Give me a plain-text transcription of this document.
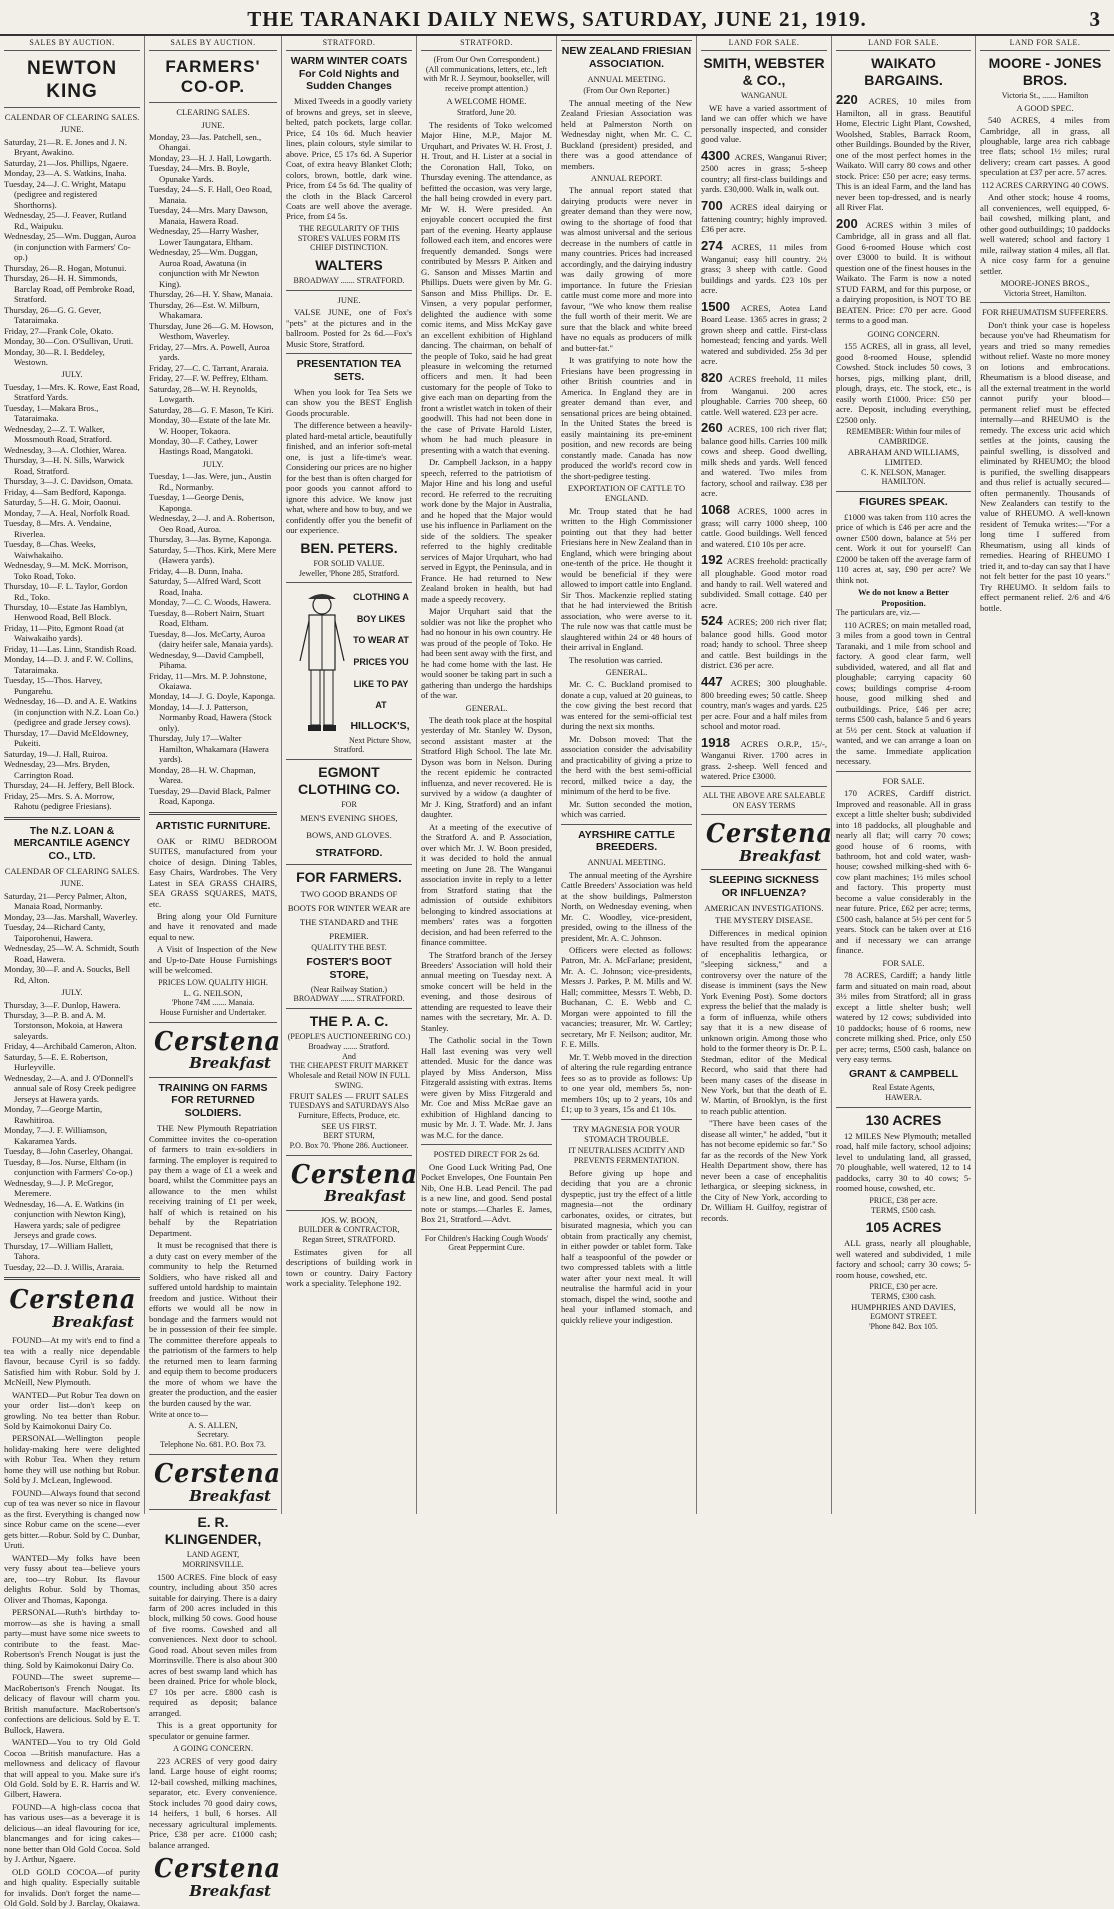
THE TARANAKI DAILY NEWS, SATURDAY, JUNE 21, 1919.	3
SALES BY AUCTION.
NEWTON KING
CALENDAR OF CLEARING SALES.
JUNE.
Saturday, 21—R. E. Jones and J. N. Bryant, Awakino.
Saturday, 21—Jos. Phillips, Ngaere.
Monday, 23—A. S. Watkins, Inaha.
Tuesday, 24—J. C. Wright, Matapu (pedigree and registered Shorthorns).
Wednesday, 25—J. Feaver, Rutland Rd., Waipuku.
Wednesday, 25—Wm. Duggan, Auroa (in conjunction with Farmers' Co-op.)
Thursday, 26—R. Hogan, Motunui.
Thursday, 26—H. H. Simmonds, Barclay Road, off Pembroke Road, Stratford.
Thursday, 26—G. G. Gever, Tataraimaka.
Friday, 27—Frank Cole, Okato.
Monday, 30—Con. O'Sullivan, Uruti.
Monday, 30—R. I. Beddeley, Westown.
JULY.
Tuesday, 1—Mrs. K. Rowe, East Road, Stratford Yards.
Tuesday, 1—Makara Bros., Tataraimaka.
Wednesday, 2—Z. T. Walker, Mossmouth Road, Stratford.
Wednesday, 3—A. Clothier, Warea.
Thursday, 3—H. N. Sills, Warwick Road, Stratford.
Thursday, 3—J. C. Davidson, Omata.
Friday, 4—Sam Bedford, Kaponga.
Saturday, 5—H. G. Moir, Oaonui.
Monday, 7—A. Heal, Norfolk Road.
Tuesday, 8—Mrs. A. Vendaine, Riverlea.
Tuesday, 8—Chas. Weeks, Waiwhakaiho.
Wednesday, 9—M. McK. Morrison, Toko Road, Toko.
Thursday, 10—F. L. Taylor, Gordon Rd., Toko.
Thursday, 10—Estate Jas Hamblyn, Henwood Road, Bell Block.
Friday, 11—Pito, Egmont Road (at Waiwakaiho yards).
Friday, 11—Las. Linn, Standish Road.
Monday, 14—D. J. and F. W. Collins, Tataraimaka.
Tuesday, 15—Thos. Harvey, Pungarehu.
Wednesday, 16—D. and A. E. Watkins (in conjunction with N.Z. Loan Co.) (pedigree and grade Jersey cows).
Thursday, 17—David McEldowney, Pukeiti.
Saturday, 19—J. Hall, Ruiroa.
Wednesday, 23—Mrs. Bryden, Carrington Road.
Thursday, 24—H. Jeffery, Bell Block.
Friday, 25—Mrs. S. A. Morrow, Rahotu (pedigree Friesians).
The N.Z. LOAN & MERCANTILE AGENCY CO., LTD.
CALENDAR OF CLEARING SALES.
JUNE.
Saturday, 21—Percy Palmer, Alton, Manaia Road, Normanby.
Monday, 23—Jas. Marshall, Waverley.
Tuesday, 24—Richard Canty, Taiporohenui, Hawera.
Wednesday, 25—W. A. Schmidt, South Road, Hawera.
Monday, 30—F. and A. Soucks, Bell Rd, Alton.
JULY.
Thursday, 3—F. Dunlop, Hawera.
Thursday, 3—P. B. and A. M. Torstonson, Mokoia, at Hawera saleyards.
Friday, 4—Archibald Cameron, Alton.
Saturday, 5—E. E. Robertson, Hurleyville.
Wednesday, 2—A. and J. O'Donnell's annual sale of Rosy Creek pedigree Jerseys at Hawera yards.
Monday, 7—George Martin, Rawhitiroa.
Monday, 7—J. F. Williamson, Kakaramea Yards.
Tuesday, 8—John Caserley, Ohangai.
Tuesday, 8—Jos. Nurse, Eltham (in conjunction with Farmers' Co-op.)
Wednesday, 9—J. P. McGregor, Meremere.
Wednesday, 16—A. E. Watkins (in conjunction with Newton King), Hawera yards; sale of pedigree Jerseys and grade cows.
Thursday, 17—William Hallett, Tahora.
Tuesday, 22—D. J. Willis, Araraia.
Cerstena
Breakfast

FOUND—At my wit's end to find a tea with a really nice dependable flavour, because Cyril is so faddy. Satisfied him with Robur. Sold by J. McNeill, New Plymouth.

WANTED—Put Robur Tea down on your order list—don't keep on growling. No tea better than Robur. Sold by Kaimokonui Dairy Co.

PERSONAL—Wellington people holiday-making here were delighted with Robur Tea. When they return home they will use nothing but Robur. Sold by J. McLean, Inglewood.

FOUND—Always found that second cup of tea was never so nice in flavour as the first. Everything is changed now since Robur came on the scene—ever gets bitter.—Robur. Sold by C. Dunbar, Uruti.

WANTED—My folks have been very fussy about tea—believe yours are, too—try Robur. Its flavour delights Robur. Sold by Thomas, Oliver and Thomas, Kaponga.

PERSONAL—Ruth's birthday to-morrow—as she is having a small party—must have some nice sweets to contribute to the feast. Mac-Robertson's French Nougat is just the thing. Sold by Kaimokonui Dairy Co.

FOUND—The sweet supreme—MacRobertson's French Nougat. Its delicacy of flavour will charm you. British manufacture. MacRobertson's confections are delicious. Sold by E. T. Bullock, Hawera.

WANTED—You to try Old Gold Cocoa —British manufacture. Has a mellowness and delicacy of flavour that will appeal to you. Make sure it's Old Gold. Sold by E. R. Harris and W. Gilbert, Hawera.

FOUND—A high-class cocoa that has various uses—as a beverage it is delicious—an ideal flavouring for ice, blancmanges and for icing cakes—none better than Old Gold Cocoa. Sold by J. Arthur, Ngaere.

OLD GOLD COCOA—of purity and high quality. Especially suitable for invalids. Don't forget the name—Old Gold. Sold by J. Barclay, Okaiawa.

SALES BY AUCTION.
FARMERS' CO-OP.
CLEARING SALES.
JUNE.
Monday, 23—Jas. Patchell, sen., Ohangai.
Monday, 23—H. J. Hall, Lowgarth.
Tuesday, 24—Mrs. B. Boyle, Opunake Yards.
Tuesday, 24—S. F. Hall, Oeo Road, Manaia.
Tuesday, 24—Mrs. Mary Dawson, Manaia, Hawera Road.
Wednesday, 25—Harry Washer, Lower Taungatara, Eltham.
Wednesday, 25—Wm. Duggan, Auroa Road, Awatuna (in conjunction with Mr Newton King).
Thursday, 26—H. Y. Shaw, Manaia.
Thursday, 26—Est. W. Milburn, Whakamara.
Thursday, June 26—G. M. Howson, Westhom, Waverley.
Friday, 27—Mrs. A. Powell, Auroa yards.
Friday, 27—C. C. Tarrant, Araraia.
Friday, 27—F. W. Peffrey, Eltham.
Saturday, 28—W. H. Reynolds, Lowgarth.
Saturday, 28—G. F. Mason, Te Kiri.
Monday, 30—Estate of the late Mr. W. Hooper, Tokaora.
Monday, 30—F. Cathey, Lower Hastings Road, Mangatoki.
JULY.
Tuesday, 1—Jas. Were, jun., Austin Rd., Normanby.
Tuesday, 1—George Denis, Kaponga.
Wednesday, 2—J. and A. Robertson, Oeo Road, Auroa.
Thursday, 3—Jas. Byrne, Kaponga.
Saturday, 5—Thos. Kirk, Mere Mere (Hawera yards).
Friday, 4—B. Dunn, Inaha.
Saturday, 5—Alfred Ward, Scott Road, Inaha.
Monday, 7—C. C. Woods, Hawera.
Tuesday, 8—Robert Nairn, Stuart Road, Eltham.
Tuesday, 8—Jos. McCarty, Auroa (dairy heifer sale, Manaia yards).
Wednesday, 9—David Campbell, Pihama.
Friday, 11—Mrs. M. P. Johnstone, Okaiawa.
Monday, 14—J. G. Doyle, Kaponga.
Monday, 14—J. J. Patterson, Normanby Road, Hawera (Stock only).
Thursday, July 17—Walter Hamilton, Whakamara (Hawera yards).
Monday, 28—H. W. Chapman, Warea.
Tuesday, 29—David Black, Palmer Road, Kaponga.
ARTISTIC FURNITURE.

OAK or RIMU BEDROOM SUITES, manufactured from your choice of design. Dining Tables, Easy Chairs, Wardrobes. The Very Latest in SEA GRASS CHAIRS, SEA GRASS SQUARES, MATS, etc.

Bring along your Old Furniture and have it renovated and made equal to new.

A Visit of Inspection of the New and Up-to-Date House Furnishings will be welcomed.

PRICES LOW. QUALITY HIGH.
L. G. NEILSON,
'Phone 74M ....... Manaia.
House Furnisher and Undertaker.
Cerstena
Breakfast
TRAINING ON FARMS FOR RETURNED SOLDIERS.

THE New Plymouth Repatriation Committee invites the co-operation of farmers to train ex-soldiers in farming. The employer is required to pay them a wage of £1 a week and board, whilst the Committee pays an allowance to the men whilst receiving training of £1 per week, half of which is retained on his behalf by the Repatriation Department.

It must be recognised that there is a duty cast on every member of the community to help the Returned Soldiers, who have risked all and suffered untold hardship to maintain freedom and justice. Without their efforts we would all be now in bondage and the farmers would not be in possession of their fee simple. The committee therefore appeals to the patriotism of the farmers to help the returned men to learn farming and equip them to become producers the more of whom we have the greater the production, and the easier the burden caused by the war.

Write at once to—
A. S. ALLEN,
Secretary.
Telephone No. 681. P.O. Box 73.
Cerstena
Breakfast
E. R. KLINGENDER,
LAND AGENT,
MORRINSVILLE.

1500 ACRES. Fine block of easy country, including about 350 acres suitable for dairying. There is a dairy farm of 200 acres included in this block, milking 50 cows. Good house of five rooms. Cowshed and all conveniences. Next door to school. Good road. About seven miles from Morrinsville. There is also about 300 acres of best swamp land which has been drained. Price for whole block, £7 10s per acre. £800 cash is required as deposit; balance arranged.

This is a great opportunity for speculator or genuine farmer.

A GOING CONCERN.

223 ACRES of very good dairy land. Large house of eight rooms; 12-bail cowshed, milking machines, separator, etc. Every convenience. Stock includes 70 good dairy cows, 14 heifers, 1 bull, 6 horses. All necessary agricultural implements. Price, £38 per acre. £1000 cash; balance arranged.

Cerstena
Breakfast
STRATFORD.
WARM WINTER COATS For Cold Nights and Sudden Changes

Mixed Tweeds in a goodly variety of browns and greys, set in sleeve, belted, patch pockets, large collar. Price, £4 10s 6d. Much heavier lines, plain colours, style similar to above. Price, £5 17s 6d. A Superior Coat, of extra heavy Blanket Cloth; colors, brown, bottle, dark wine. Price, from £4 5s 6d. The quality of the cloth in the Black Carcerol Coats are well above the average. Price, from £4 5s.

THE REGULARITY OF THIS STORE'S VALUES FORM ITS CHIEF DISTINCTION.
WALTERS
BROADWAY ....... STRATFORD.
JUNE.

VALSE JUNE, one of Fox's "pets" at the pictures and in the ballroom. Posted for 2s 6d.—Fox's Music Store, Stratford.

PRESENTATION TEA SETS.

When you look for Tea Sets we can show you the BEST English Goods procurable.

The difference between a heavily-plated hard-metal article, beautifully finished, and an inferior soft-metal one, is just a life-time's wear. Considering our prices are no higher for the best than is often charged for poor goods you cannot afford to ignore this advice. We know just what, where and how to buy, and we confidently offer you the benefit of our experience.

BEN. PETERS.
FOR SOLID VALUE.
Jeweller, 'Phone 285, Stratford.
CLOTHING A
BOY LIKES
TO WEAR AT
PRICES YOU
LIKE TO PAY
AT
HILLOCK'S,
Next Picture Show, Stratford.
EGMONT CLOTHING CO.
FOR
MEN'S EVENING SHOES, BOWS, AND GLOVES.
STRATFORD.
FOR FARMERS.
TWO GOOD BRANDS OF BOOTS FOR WINTER WEAR are THE STANDARD and THE PREMIER.
QUALITY THE BEST.
FOSTER'S BOOT STORE,
(Near Railway Station.)
BROADWAY ....... STRATFORD.
THE P. A. C.
(PEOPLE'S AUCTIONEERING CO.)
Broadway ....... Stratford.
And
THE CHEAPEST FRUIT MARKET Wholesale and Retail NOW IN FULL SWING.
FRUIT SALES — FRUIT SALES
TUESDAYS and SATURDAYS Also Furniture, Effects, Produce, etc.
SEE US FIRST.
BERT STURM,
P.O. Box 70. 'Phone 286. Auctioneer.
Cerstena
Breakfast
JOS. W. BOON,
BUILDER & CONTRACTOR,
Regan Street, STRATFORD.

Estimates given for all descriptions of building work in town or country. Dairy Factory work a speciality. Telephone 192.

STRATFORD.
(From Our Own Correspondent.)
(All communications, letters, etc., left with Mr R. J. Seymour, bookseller, will receive prompt attention.)
A WELCOME HOME.
Stratford, June 20.

The residents of Toko welcomed Major Hine, M.P., Major M. Urquhart, and Privates W. H. Frost, J. H. Trout, and H. Lister at a social in the Coronation Hall, Toko, on Thursday evening. The attendance, as befitted the occasion, was very large, the hall being crowded in every part. Mr W. H. Were presided. An enjoyable concert occupied the first part of the evening. Hearty applause followed each item, and encores were frequently demanded. Songs were contributed by Messrs P. Aitken and G. Sanson and Misses Martin and Phillips. Duets were given by Mr. G. Sanson and Miss Phillips. Dr. E. Vinsen, a very popular performer, delighted the audience with some comic items, and Miss McKay gave an excellent exhibition of Highland dancing. The chairman, on behalf of the people of Toko, said he had great pleasure in welcoming the returned officers and men. It had been customary for the people of Toko to give each man on departing from the front a wristlet watch in token of their goodwill. This had not been done in the case of Private Harold Lister, whom he had much pleasure in presenting with a watch that evening.

Dr. Campbell Jackson, in a happy speech, referred to the patriotism of Major Hine and his long and useful record. He referred to the recruiting work done by the Major in Australia, and he hoped that the Major would use his influence in Parliament on the side of the soldiers. The speaker referred to the highly creditable services of Major Urquhart, who had served in Egypt, the Peninsula, and in France. He had returned to New Zealand broken in health, but had made a speedy recovery.

Major Urquhart said that the soldier was not like the prophet who had no honour in his own country. He was proud of the people of Toko. He had been sent away with the first, and he had come home with the last. He would sooner be taking part in such a gathering than undergo the hardships of the war.

GENERAL.

The death took place at the hospital yesterday of Mr. Stanley W. Dyson, second assistant master at the Stratford High School. The late Mr. Dyson was born in Nelson. During the recent epidemic he contracted influenza, and never recovered. He is survived by a widow (a daughter of Mr J. King, Stratford) and an infant daughter.

At a meeting of the executive of the Stratford A. and P. Association, over which Mr. J. W. Boon presided, it was decided to hold the annual meeting on June 28. The Wanganui association invite in reply to a letter from Stratford stating that the admission of outside exhibitors belonging to kindred associations at members' rates was a forgotten decision, and had been referred to the finance committee.

The Stratford branch of the Jersey Breeders' Association will hold their annual meeting on Tuesday next. A smoke concert will be held in the evening, and those desirous of attending are requested to leave their names with the secretary, Mr. A. D. Stanley.

The Catholic social in the Town Hall last evening was very well attended. Music for the dance was played by Miss Anderson, Miss Fitzgerald assisting with extras. Items were given by Miss Fitzgerald and Mr. Coe and Miss McRae gave an exhibition of Highland dancing to music by Mr. J. T. Wade. Mr. J. Jans was M.C. for the dance.

POSTED DIRECT FOR 2s 6d.

One Good Luck Writing Pad, One Pocket Envelopes, One Fountain Pen Nib, One H.B. Lead Pencil. The pad is a new line, and good. Send postal note or stamps.—Charles E. James, Box 21, Stratford.—Advt.

For Children's Hacking Cough Woods' Great Peppermint Cure.
NEW ZEALAND FRIESIAN ASSOCIATION.
ANNUAL MEETING.
(From Our Own Reporter.)

The annual meeting of the New Zealand Friesian Association was held at Palmerston North on Wednesday night, when Mr. C. C. Buckland (president) presided, and there was a good attendance of members.

ANNUAL REPORT.

The annual report stated that dairying products were never in greater demand than they were now, owing to the shortage of food that was almost universal and the serious decrease in the numbers of cattle in many countries. Prices had increased accordingly, and the dairying industry was daily growing of more importance. In future the Friesian cattle must come more and more into favour, "We who know them realise the full worth of their merit. We are sure that the black and white breed have no equals as producers of milk and butter-fat."

It was gratifying to note how the Friesians have been progressing in other British countries and in America. In England they are in greater demand than ever, and sensational prices are being obtained. In the United States the breed is easily maintaining its pre-eminent position, and new records are being constantly made. Canada has now produced the world's record cow in the short-pedigree testing.

EXPORTATION OF CATTLE TO ENGLAND.

Mr. Troup stated that he had written to the High Commissioner pointing out that they had better Friesians here in New Zealand than in England, which were bringing about one-tenth of the price. He thought it would be beneficial if they were allowed to import cattle into England. Sir Thos. Mackenzie replied stating that he had interviewed the British association, who were averse to it. The rule now was that cattle must be slaughtered within 24 or 48 hours of their arrival in England.

The resolution was carried.

GENERAL.

Mr. C. C. Buckland promised to donate a cup, valued at 20 guineas, to the cow giving the best record that was entered for the semi-official test during the next six months.

Mr. Dobson moved: That the association consider the advisability and practicability of giving a prize to the herd with the best semi-official record, milked twice a day, the minimum of the herd to be five.

Mr. Sutton seconded the motion, which was carried.

AYRSHIRE CATTLE BREEDERS.
ANNUAL MEETING.

The annual meeting of the Ayrshire Cattle Breeders' Association was held at the show buildings, Palmerston North, on Wednesday evening, when Mr. C. Woodley, vice-president, presided, owing to the illness of the president, Mr. A. C. Johnson.

Officers were elected as follows: Patron, Mr. A. McFarlane; president, Mr. A. C. Johnson; vice-presidents, Messrs J. Parkes, P. M. Mills and W. Hall; committee, Messrs T. Webb, D. Buchanan, C. E. Webb and C. Morgan were appointed to fill the vacancies; treasurer, Mr. W. Cartley; secretary, Mr F. Neilson; auditor, Mr. F. E. Mills.

Mr. T. Webb moved in the direction of altering the rule regarding entrance fees so as to provide as follows: Up to one year old, members 5s, non-members 10s; up to 2 years, 10s and £1; up to 3 years, 15s and £1 10s.

TRY MAGNESIA FOR YOUR STOMACH TROUBLE.
IT NEUTRALISES ACIDITY AND PREVENTS FERMENTATION.

Before giving up hope and deciding that you are a chronic dyspeptic, just try the effect of a little magnesia—not the ordinary carbonates, oxides, or citrates, but bisurated magnesia, which you can obtain from practically any chemist, in either powder or tablet form. Take half a teaspoonful of the powder or two compressed tablets with a little water after your next meal. It will neutralise the harmful acid in your stomach, dispel the wind, soothe and heal your inflamed stomach, and quickly relieve your indigestion.

LAND FOR SALE.
SMITH, WEBSTER & CO.,
WANGANUI.

WE have a varied assortment of land we can offer which we have personally inspected, and consider good value.

4300 ACRES, Wanganui River; 2500 acres in grass; 5-sheep country; all first-class buildings and yards. £30,000. Walk in, walk out.

700 ACRES ideal dairying or fattening country; highly improved. £36 per acre.

274 ACRES, 11 miles from Wanganui; easy hill country. 2½ grass; 3 sheep with cattle. Good buildings and yards. £23 10s per acre.

1500 ACRES, Aotea Land Board Lease. 1365 acres in grass; 2 grown sheep and cattle. First-class homestead; fencing and yards. Well watered and subdivided. 25s 3d per acre.

820 ACRES freehold, 11 miles from Wanganui. 200 acres ploughable. Carries 700 sheep, 60 cattle. Well watered. £23 per acre.

260 ACRES, 100 rich river flat; balance good hills. Carries 100 milk cows and sheep. Good dwelling, milk sheds and yards. Well fenced and watered. Two miles from factory, school and railway. £38 per acre.

1068 ACRES, 1000 acres in grass; will carry 1000 sheep, 100 cattle. Good buildings. Well fenced and watered. £10 10s per acre.

192 ACRES freehold: practically all ploughable. Good motor road and handy to rail. Well watered and subdivided. Small cottage. £40 per acre.

524 ACRES; 200 rich river flat; balance good hills. Good motor road; handy to school. Three sheep and cattle. Best buildings in the district. £36 per acre.

447 ACRES; 300 ploughable. 800 breeding ewes; 50 cattle. Sheep country, man's wages and yards. £25 per acre. Four and a half miles from school and motor road.

1918 ACRES O.R.P., 15/-, Wanganui River. 1700 acres in grass. 2-sheep. Well fenced and watered. Price £3000.

ALL THE ABOVE ARE SALEABLE ON EASY TERMS
Cerstena
Breakfast
SLEEPING SICKNESS OR INFLUENZA?
AMERICAN INVESTIGATIONS.
THE MYSTERY DISEASE.

Differences in medical opinion have resulted from the appearance of encephalitis lethargica, or "sleeping sickness," and a controversy over the nature of the disease is imminent (says the New York Evening Post). Some doctors express the belief that the malady is a form of influenza, while others say that it is a new disease of unknown origin. Among those who hold to the former theory is Dr. P. L. Stedman, editor of the Medical Record, who said that there had been many cases of the disease in New York, but that the death of E. W. Martin, of Brooklyn, is the first to reach public attention.

"There have been cases of the disease all winter," he added, "but it has not become epidemic so far." So far as the records of the New York Health Department show, there has never been a case of encephalitis lethargica, or sleeping sickness, in the City of New York, according to Dr. William H. Guilfoy, registrar of records.

LAND FOR SALE.
WAIKATO BARGAINS.

220 ACRES, 10 miles from Hamilton, all in grass. Beautiful Home, Electric Light Plant, Cowshed, Woolshed, Stables, Barrack Room, other Buildings. Bounded by the River, one of the most perfect homes in the Waikato. Will carry 80 cows and other stock. Price: £50 per acre; easy terms. This is an ideal Farm, and the land has never been top-dressed, and is nearly all River Flat.

200 ACRES within 3 miles of Cambridge, all in grass and all flat. Good 6-roomed House which cost over £3000 to build. It is without question one of the finest houses in the Waikato. The Farm is now a noted STUD FARM, and for this purpose, or a dairying proposition, is NOT TO BE BEATEN. Price: £70 per acre. Good terms to a good man.

GOING CONCERN.

155 ACRES, all in grass, all level, good 8-roomed House, splendid Cowshed. Stock includes 50 cows, 3 horses, pigs, milking plant, drill, plough, drays, etc. The stock, etc., is easily worth £1000. Price: £50 per acre. Deposit, including everything, £2500 only.

REMEMBER: Within four miles of CAMBRIDGE.
ABRAHAM AND WILLIAMS, LIMITED.
C. K. NELSON, Manager.
HAMILTON.
FIGURES SPEAK.

£1000 was taken from 110 acres the price of which is £46 per acre and the owner £500 down, balance at 5½ per cent. Work it out for yourself! Can £2000 be taken off the average farm of 110 acres at, say, £90 per acre? We think not.

We do not know a Better Proposition.
The particulars are, viz.—

110 ACRES; on main metalled road, 3 miles from a good town in Central Taranaki, and 1 mile from school and factory. A good clear farm, well subdivided, watered, and all flat and ploughable; carrying capacity 60 cows; buildings comprise 4-room house, good milking shed and outbuildings. Price, £46 per acre; terms £500 cash, balance 5 and 6 years at 5½ per cent. Stock at valuation if wanted, and we can arrange a loan on the same. Immediate application necessary.

FOR SALE.

170 ACRES, Cardiff district. Improved and reasonable. All in grass except a little shelter bush; subdivided into 18 paddocks, all ploughable and nearly all flat; will carry 70 cows; good house of 6 rooms, with bathroom, hot and cold water, wash-house; cowshed milking-shed with 6-cow plant machines; 1½ miles school and factory. This property must become a value considerably in the near future. Price, £62 per acre; terms, £500 cash, balance at 5½ per cent for 5 years. Stock can be taken over at £16 and if necessary we can arrange finance.

FOR SALE.

78 ACRES, Cardiff; a handy little farm and situated on main road, about 3½ miles from Stratford; all in grass except a little shelter bush; well watered by 12 cows; subdivided into 10 paddocks; house of 6 rooms, new concrete milking shed. Price, only £50 per acre; terms, £500 cash, balance on very easy terms.

GRANT & CAMPBELL
Real Estate Agents,
HAWERA.
130 ACRES

12 MILES New Plymouth; metalled road, half mile factory, school adjoins; level to undulating land, all grassed, 70 ploughable, well watered, 12 to 14 paddocks, carry 30 to 40 cows; 5-roomed house, cowshed, etc.

PRICE, £38 per acre.
TERMS, £500 cash.
105 ACRES

ALL grass, nearly all ploughable, well watered and subdivided, 1 mile factory and school; carry 30 cows; 5-room house, cowshed, etc.

PRICE, £30 per acre.
TERMS, £300 cash.
HUMPHRIES AND DAVIES,
EGMONT STREET.
'Phone 842. Box 105.
LAND FOR SALE.
MOORE - JONES BROS.
Victoria St., ....... Hamilton
A GOOD SPEC.

540 ACRES, 4 miles from Cambridge, all in grass, all ploughable, large area rich cabbage tree flats; school 1½ miles; rural delivery; cream cart passes. A good speculation at £37 per acre. 57 acres.

112 ACRES CARRYING 40 COWS.

And other stock; house 4 rooms, all conveniences, well equipped, 6-bail cowshed, milking plant, and other good outbuildings; 10 paddocks well watered; school and factory 1 mile, railway station 4 miles, all flat. A nice cosy farm for a genuine settler.

MOORE-JONES BROS.,
Victoria Street, Hamilton.
FOR RHEUMATISM SUFFERERS.

Don't think your case is hopeless because you've had Rheumatism for years and tried so many remedies without relief. Waste no more money on lotions and embrocations. Rheumatism is a blood disease, and all the external treatment in the world cannot purify your blood—permanent relief must be effected internally—and RHEUMO is the remedy. The excess uric acid which settles at the joints, causing the painful swelling, is dissolved and eliminated by RHEUMO; the blood is purified, the swelling disappears and thus relief is actually secured—often permanently. Thousands of New Zealanders can testify to the value of RHEUMO. A well-known resident of Temuka writes:—"For a long time I suffered from Rheumatism, using all kinds of remedies. Hearing of RHEUMO I tried it, and to-day can say that I have not felt better for the past 10 years." Try RHEUMO. It seldom fails to effect permanent relief. 2/6 and 4/6 bottle.
